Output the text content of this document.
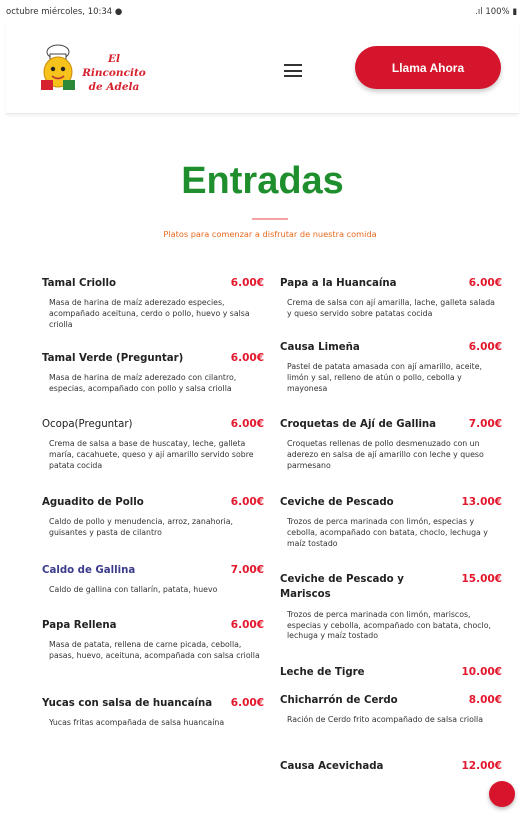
octubre miércoles, 10:34 ●	.ıl 100% ▮
El Rinconcito
de Adela
Llama Ahora
Entradas
Platos para comenzar a disfrutar de nuestra comida
Tamal Criollo	6.00€
Masa de harina de maíz aderezado especies, acompañado aceituna, cerdo o pollo, huevo y salsa criolla
Tamal Verde (Preguntar)	6.00€
Masa de harina de maíz aderezado con cilantro, especias, acompañado con pollo y salsa criolla
Ocopa(Preguntar)	6.00€
Crema de salsa a base de huscatay, leche, galleta maría, cacahuete, queso y ají amarillo servido sobre patata cocida
Aguadito de Pollo	6.00€
Caldo de pollo y menudencia, arroz, zanahoria, guisantes y pasta de cilantro
Caldo de Gallina	7.00€
Caldo de gallina con tallarín, patata, huevo
Papa Rellena	6.00€
Masa de patata, rellena de carne picada, cebolla, pasas, huevo, aceituna, acompañada con salsa criolla
Yucas con salsa de huancaína 6.00€
Yucas fritas acompañada de salsa huancaína
Papa a la Huancaína	6.00€
Crema de salsa con ají amarilla, lache, galleta salada y queso servido sobre patatas cocida
Causa Limeña	6.00€
Pastel de patata amasada con ají amarillo, aceite, limón y sal, relleno de atún o pollo, cebolla y mayonesa
Croquetas de Ají de Gallina	7.00€
Croquetas rellenas de pollo desmenuzado con un aderezo en salsa de ají amarillo con leche y queso parmesano
Ceviche de Pescado	13.00€
Trozos de perca marinada con limón, especias y cebolla, acompañado con batata, choclo, lechuga y maíz tostado
Ceviche de Pescado y Mariscos
15.00€
Trozos de perca marinada con limón, mariscos, especias y cebolla, acompañado con batata, choclo, lechuga y maíz tostado
Leche de Tigre	10.00€
Chicharrón de Cerdo	8.00€
Ración de Cerdo frito acompañado de salsa criolla
Causa Acevichada	12.00€
